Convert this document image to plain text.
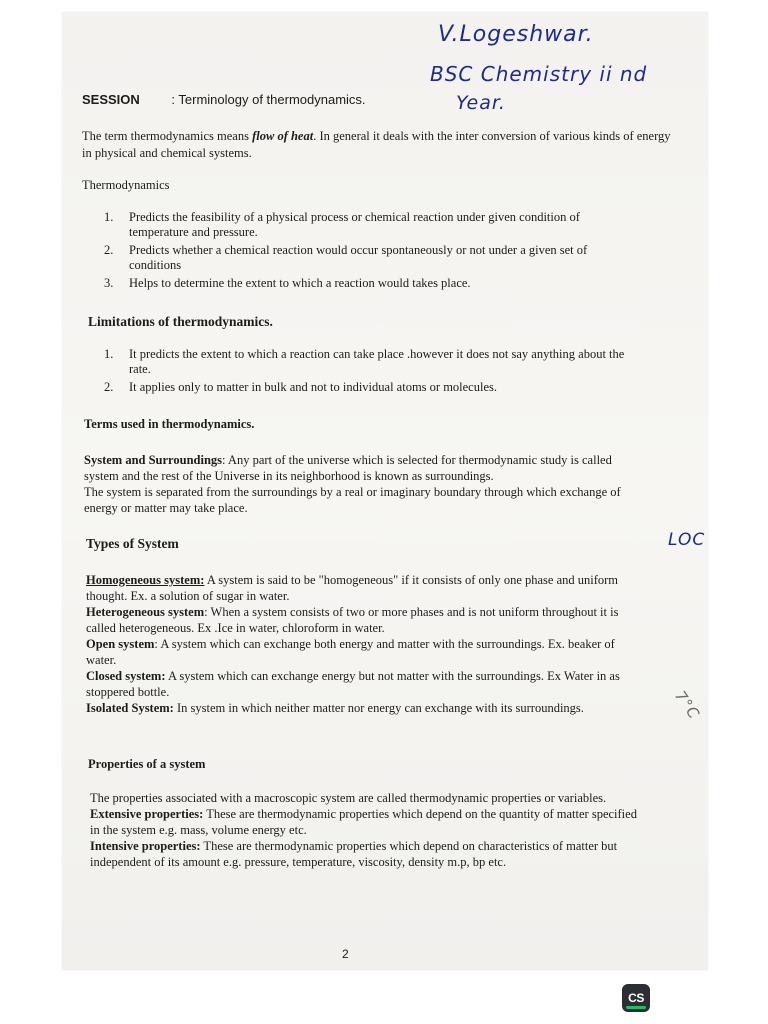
V.Logeshwar.
BSC Chemistry ii nd
Year.
LOC
7°C
SESSION : Terminology of thermodynamics.

The term thermodynamics means flow of heat. In general it deals with the inter conversion of various kinds of energy in physical and chemical systems.

Thermodynamics

1. Predicts the feasibility of a physical process or chemical reaction under given condition of temperature and pressure.
2. Predicts whether a chemical reaction would occur spontaneously or not under a given set of conditions
3. Helps to determine the extent to which a reaction would takes place.

Limitations of thermodynamics.

1. It predicts the extent to which a reaction can take place .however it does not say anything about the rate.
2. It applies only to matter in bulk and not to individual atoms or molecules.

Terms used in thermodynamics.

System and Surroundings: Any part of the universe which is selected for thermodynamic study is called system and the rest of the Universe in its neighborhood is known as surroundings.
The system is separated from the surroundings by a real or imaginary boundary through which exchange of energy or matter may take place.

Types of System

Homogeneous system: A system is said to be "homogeneous" if it consists of only one phase and uniform thought. Ex. a solution of sugar in water.

Heterogeneous system: When a system consists of two or more phases and is not uniform throughout it is called heterogeneous. Ex .Ice in water, chloroform in water.

Open system: A system which can exchange both energy and matter with the surroundings. Ex. beaker of water.

Closed system: A system which can exchange energy but not matter with the surroundings. Ex Water in as stoppered bottle.

Isolated System: In system in which neither matter nor energy can exchange with its surroundings.

Properties of a system

The properties associated with a macroscopic system are called thermodynamic properties or variables.

Extensive properties: These are thermodynamic properties which depend on the quantity of matter specified in the system e.g. mass, volume energy etc.

Intensive properties: These are thermodynamic properties which depend on characteristics of matter but independent of its amount e.g. pressure, temperature, viscosity, density m.p, bp etc.

2
CS
